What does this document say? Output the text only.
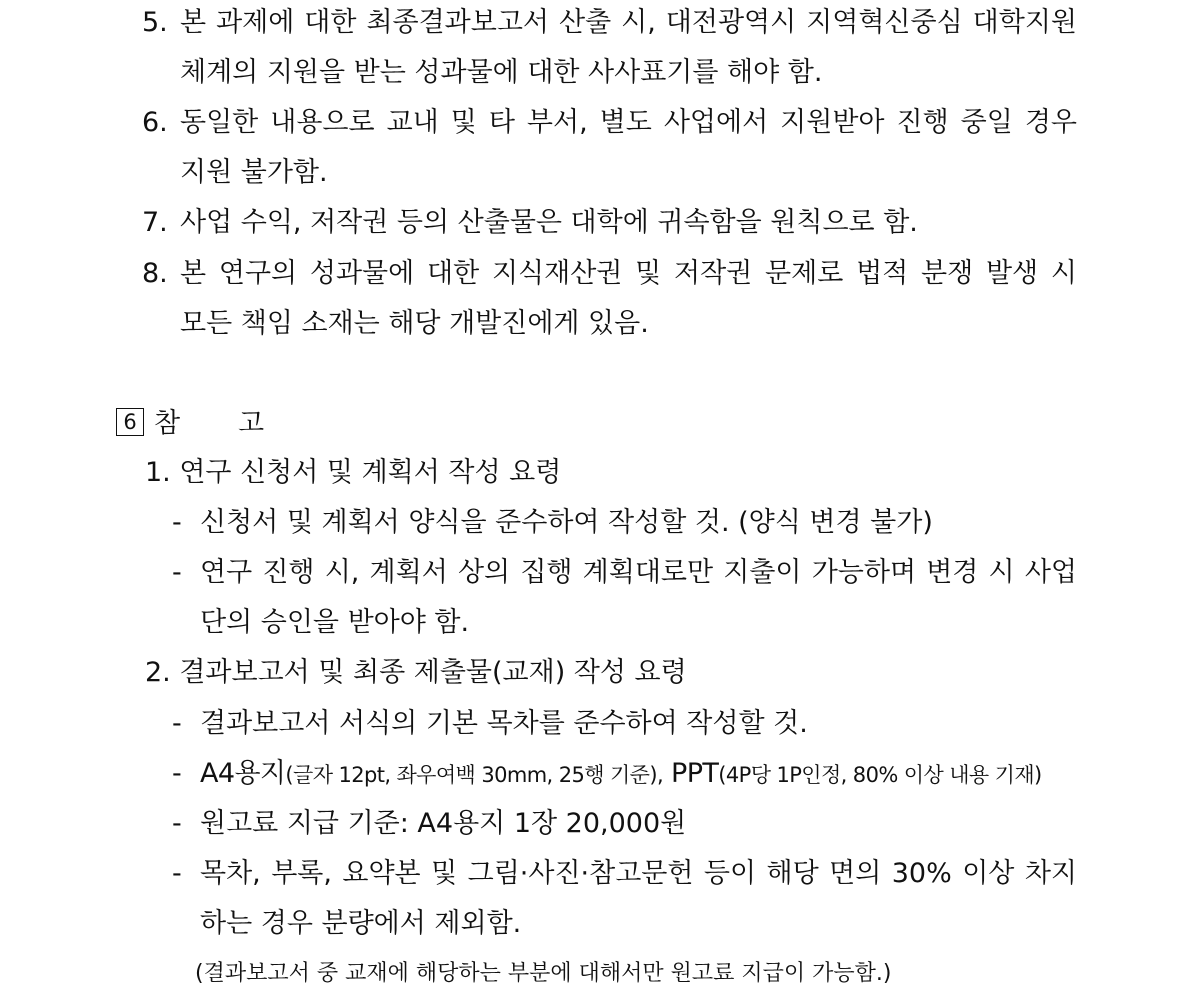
5. 본 과제에 대한 최종결과보고서 산출 시, 대전광역시 지역혁신중심 대학지원
체계의 지원을 받는 성과물에 대한 사사표기를 해야 함.
6. 동일한 내용으로 교내 및 타 부서, 별도 사업에서 지원받아 진행 중일 경우
지원 불가함.
7. 사업 수익, 저작권 등의 산출물은 대학에 귀속함을 원칙으로 함.
8. 본 연구의 성과물에 대한 지식재산권 및 저작권 문제로 법적 분쟁 발생 시
모든 책임 소재는 해당 개발진에게 있음.
6 참 고
1. 연구 신청서 및 계획서 작성 요령
- 신청서 및 계획서 양식을 준수하여 작성할 것. (양식 변경 불가)
- 연구 진행 시, 계획서 상의 집행 계획대로만 지출이 가능하며 변경 시 사업
단의 승인을 받아야 함.
2. 결과보고서 및 최종 제출물(교재) 작성 요령
- 결과보고서 서식의 기본 목차를 준수하여 작성할 것.
- A4용지(글자 12pt, 좌우여백 30mm, 25행 기준), PPT(4P당 1P인정, 80% 이상 내용 기재)
- 원고료 지급 기준: A4용지 1장 20,000원
- 목차, 부록, 요약본 및 그림·사진·참고문헌 등이 해당 면의 30% 이상 차지
하는 경우 분량에서 제외함.
(결과보고서 중 교재에 해당하는 부분에 대해서만 원고료 지급이 가능함.)
